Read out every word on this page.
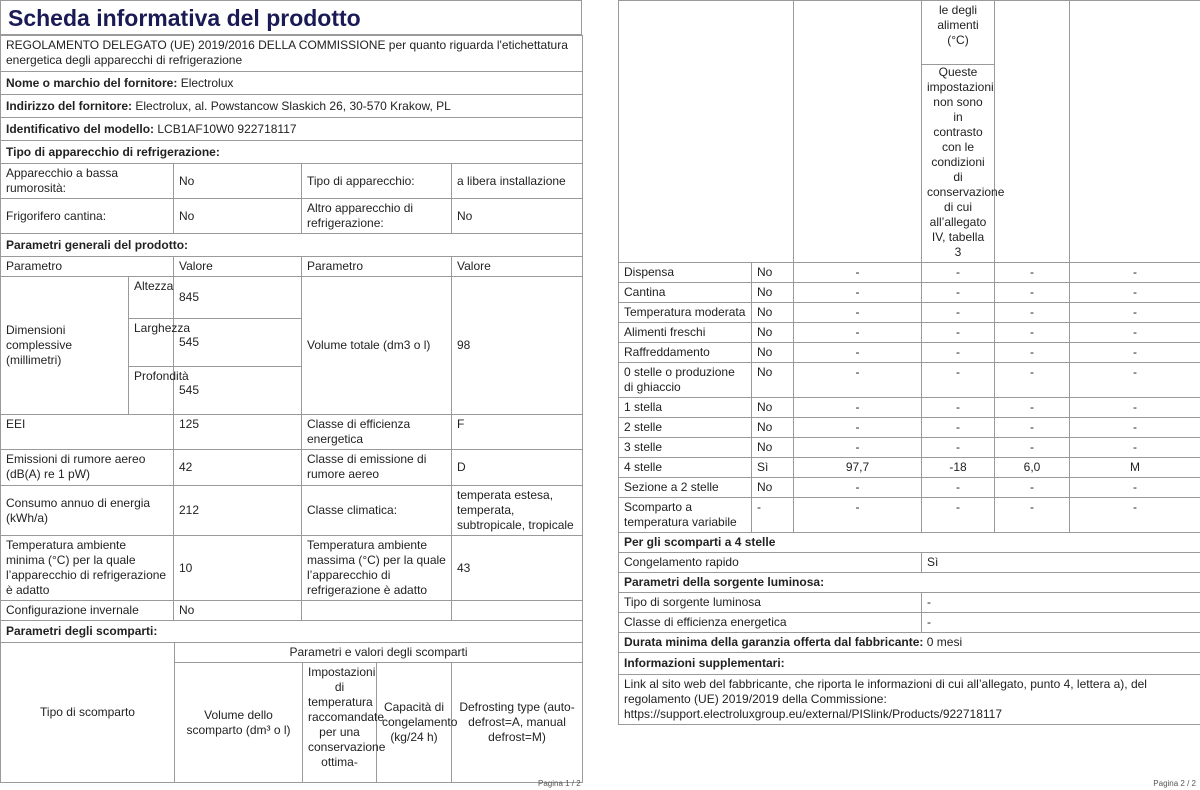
Scheda informativa del prodotto
REGOLAMENTO DELEGATO (UE) 2019/2016 DELLA COMMISSIONE per quanto riguarda l'etichettatura energetica degli apparecchi di refrigerazione				
Nome o marchio del fornitore: Electrolux				
Indirizzo del fornitore: Electrolux, al. Powstancow Slaskich 26, 30-570 Krakow, PL				
Identificativo del modello: LCB1AF10W0 922718117				
Tipo di apparecchio di refrigerazione:				
Apparecchio a bassa rumorosità:		No	Tipo di apparecchio:	a libera installazione
Frigorifero cantina:		No	Altro apparecchio di refrigerazione:	No
Parametri generali del prodotto:				
Parametro		Valore	Parametro	Valore
Dimensioni complessive (millimetri)	Altezza	845	Volume totale (dm3 o l)	98
	Larghezza	545		
	Profondità	545		
EEI		125	Classe di efficienza energetica	F
Emissioni di rumore aereo (dB(A) re 1 pW)		42	Classe di emissione di rumore aereo	D
Consumo annuo di energia (kWh/a)		212	Classe climatica:	temperata estesa, temperata, subtropicale, tropicale
Temperatura ambiente minima (°C) per la quale l’apparecchio di refrigerazione è adatto		10	Temperatura ambiente massima (°C) per la quale l’apparecchio di refrigerazione è adatto	43
Configurazione invernale		No		
Parametri degli scomparti:				
Tipo di scomparto	Parametri e valori degli scomparti			
	Volume dello scomparto (dm³ o l)	Impostazioni di temperatura raccomandate per una conservazione ottima-	Capacità di congelamento (kg/24 h)	Defrosting type (auto-defrost=A, manual defrost=M)
Pagina 1 / 2

			le degli alimenti (°C)
Queste impostazioni non sono in contrasto con le condizioni di conservazione di cui all’allegato IV, tabella 3		

Dispensa	No	-	-	-	-
Cantina	No	-	-	-	-
Temperatura moderata	No	-	-	-	-
Alimenti freschi	No	-	-	-	-
Raffreddamento	No	-	-	-	-
0 stelle o produzione di ghiaccio	No	-	-	-	-
1 stella	No	-	-	-	-
2 stelle	No	-	-	-	-
3 stelle	No	-	-	-	-
4 stelle	Sì	97,7	-18	6,0	M
Sezione a 2 stelle	No	-	-	-	-
Scomparto a temperatura variabile	-	-	-	-	-
Per gli scomparti a 4 stelle	
Congelamento rapido	Sì
Parametri della sorgente luminosa:	
Tipo di sorgente luminosa	-
Classe di efficienza energetica	-
Durata minima della garanzia offerta dal fabbricante: 0 mesi	
Informazioni supplementari:	
Link al sito web del fabbricante, che riporta le informazioni di cui all’allegato, punto 4, lettera a), del regolamento (UE) 2019/2019 della Commissione: https://support.electroluxgroup.eu/external/PISlink/Products/922718117	
Pagina 2 / 2
